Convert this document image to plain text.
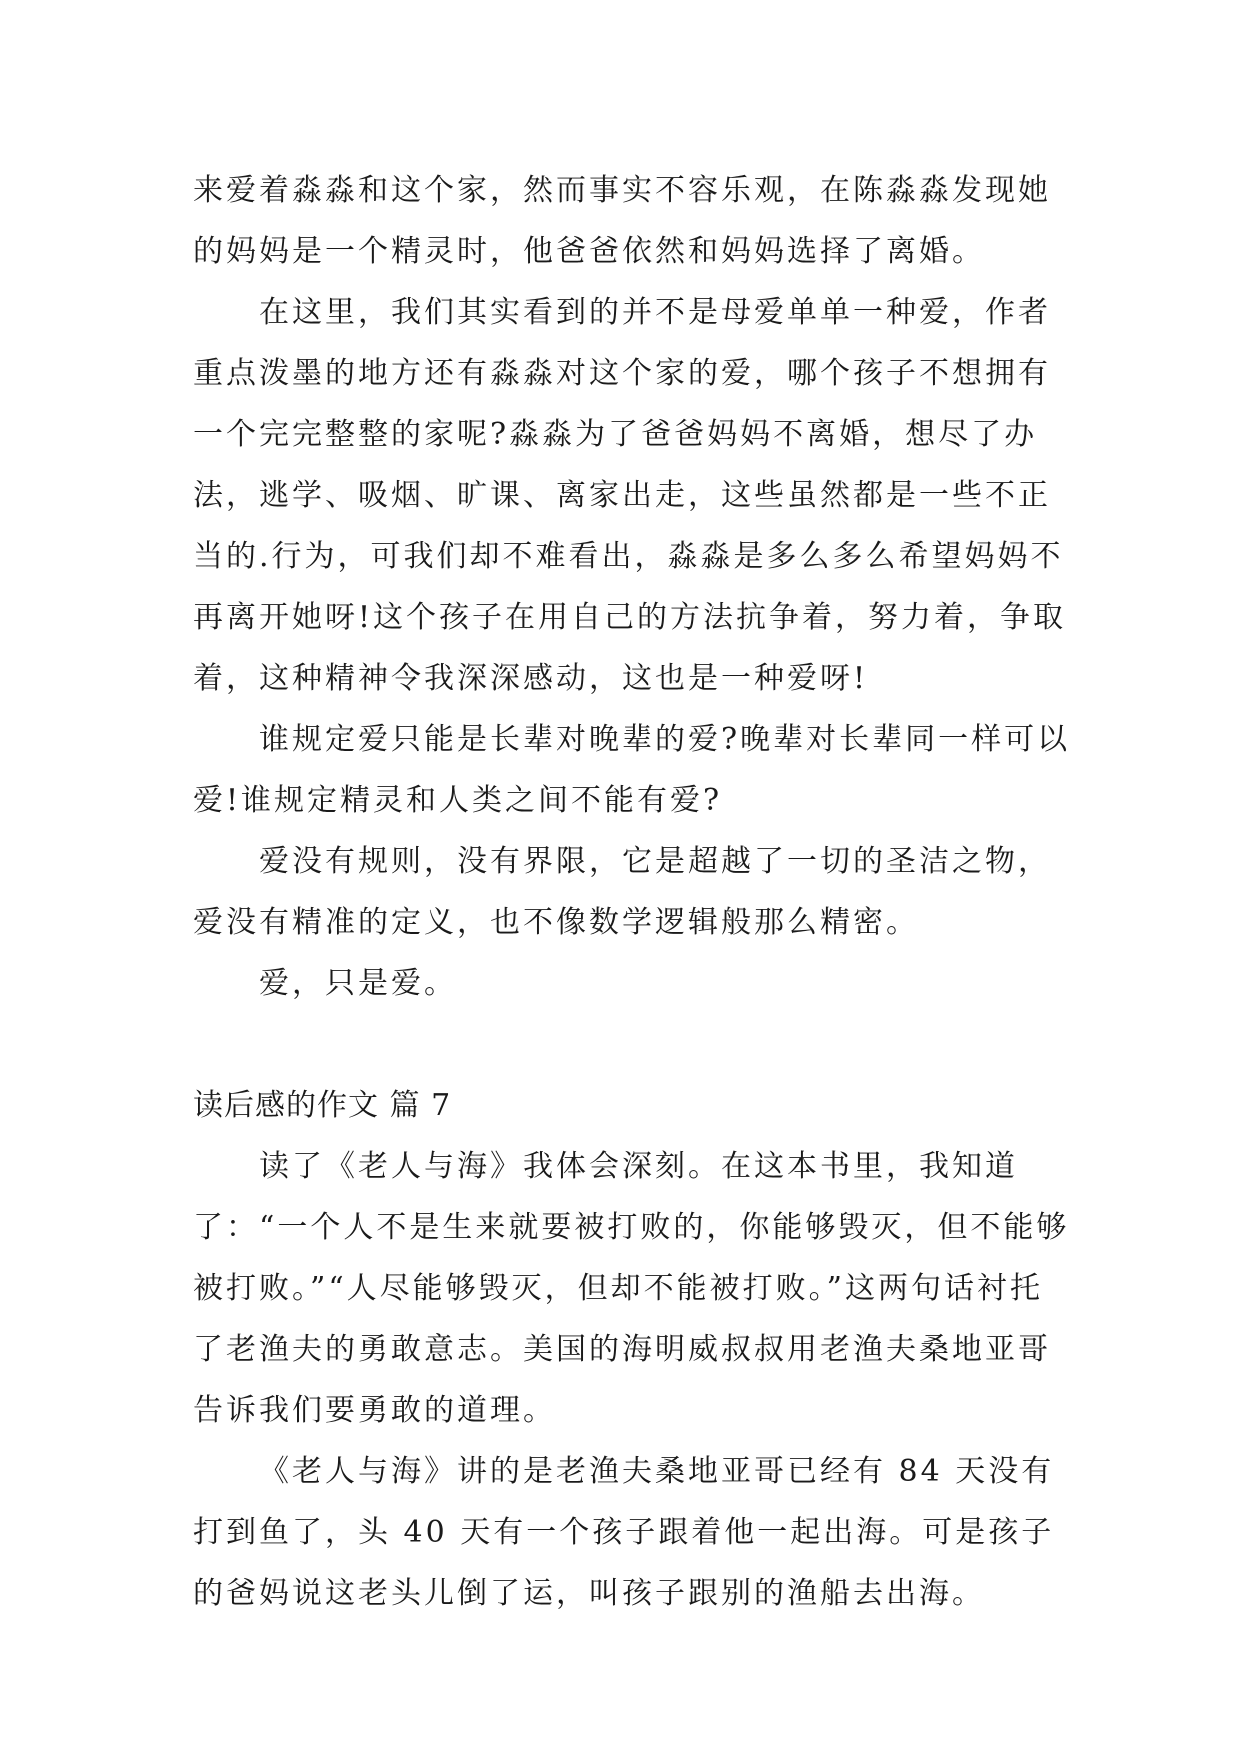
来爱着淼淼和这个家，然而事实不容乐观，在陈淼淼发现她的妈妈是一个精灵时，他爸爸依然和妈妈选择了离婚。

在这里，我们其实看到的并不是母爱单单一种爱，作者重点泼墨的地方还有淼淼对这个家的爱，哪个孩子不想拥有一个完完整整的家呢?淼淼为了爸爸妈妈不离婚，想尽了办法，逃学、吸烟、旷课、离家出走，这些虽然都是一些不正当的.行为，可我们却不难看出，淼淼是多么多么希望妈妈不再离开她呀!这个孩子在用自己的方法抗争着，努力着，争取着，这种精神令我深深感动，这也是一种爱呀!

谁规定爱只能是长辈对晚辈的爱?晚辈对长辈同一样可以爱!谁规定精灵和人类之间不能有爱?

爱没有规则，没有界限，它是超越了一切的圣洁之物，爱没有精准的定义，也不像数学逻辑般那么精密。

爱，只是爱。

读后感的作文 篇 7

读了《老人与海》我体会深刻。在这本书里，我知道了：“一个人不是生来就要被打败的，你能够毁灭，但不能够被打败。”“人尽能够毁灭，但却不能被打败。”这两句话衬托了老渔夫的勇敢意志。美国的海明威叔叔用老渔夫桑地亚哥告诉我们要勇敢的道理。

《老人与海》讲的是老渔夫桑地亚哥已经有 84 天没有打到鱼了，头 40 天有一个孩子跟着他一起出海。可是孩子的爸妈说这老头儿倒了运，叫孩子跟别的渔船去出海。
